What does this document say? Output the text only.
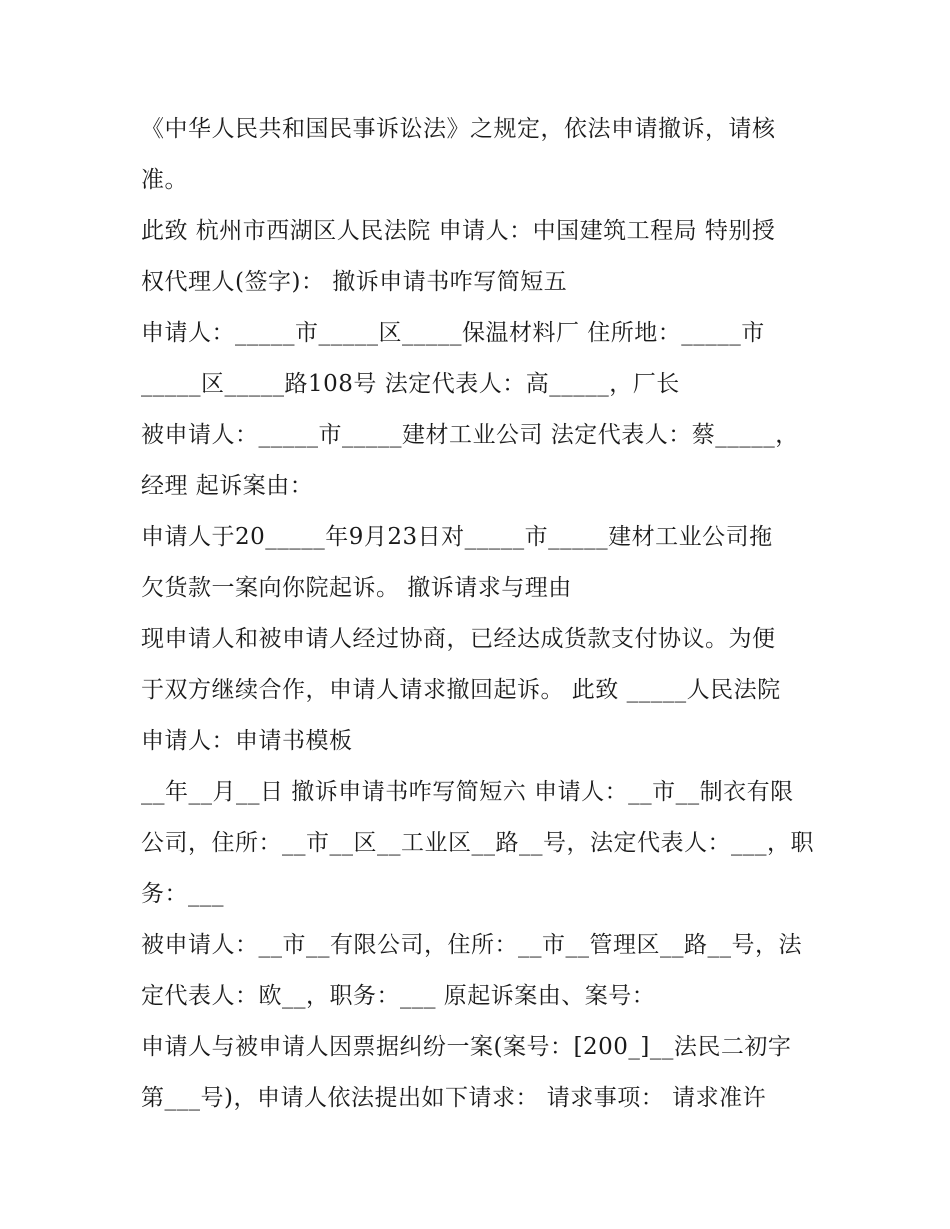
《中华人民共和国民事诉讼法》之规定，依法申请撤诉，请核
准。
此致 杭州市西湖区人民法院 申请人：中国建筑工程局 特别授
权代理人(签字)： 撤诉申请书咋写简短五
申请人：_____市_____区_____保温材料厂 住所地：_____市
_____区_____路108号 法定代表人：高_____，厂长
被申请人：_____市_____建材工业公司 法定代表人：蔡_____，
经理 起诉案由：
申请人于20_____年9月23日对_____市_____建材工业公司拖
欠货款一案向你院起诉。 撤诉请求与理由
现申请人和被申请人经过协商，已经达成货款支付协议。为便
于双方继续合作，申请人请求撤回起诉。 此致 _____人民法院
申请人：申请书模板
__年__月__日 撤诉申请书咋写简短六 申请人：__市__制衣有限
公司，住所：__市__区__工业区__路__号，法定代表人：___，职
务：___
被申请人：__市__有限公司，住所：__市__管理区__路__号，法
定代表人：欧__，职务：___ 原起诉案由、案号：
申请人与被申请人因票据纠纷一案(案号：[200_]__法民二初字
第___号)，申请人依法提出如下请求： 请求事项： 请求准许
